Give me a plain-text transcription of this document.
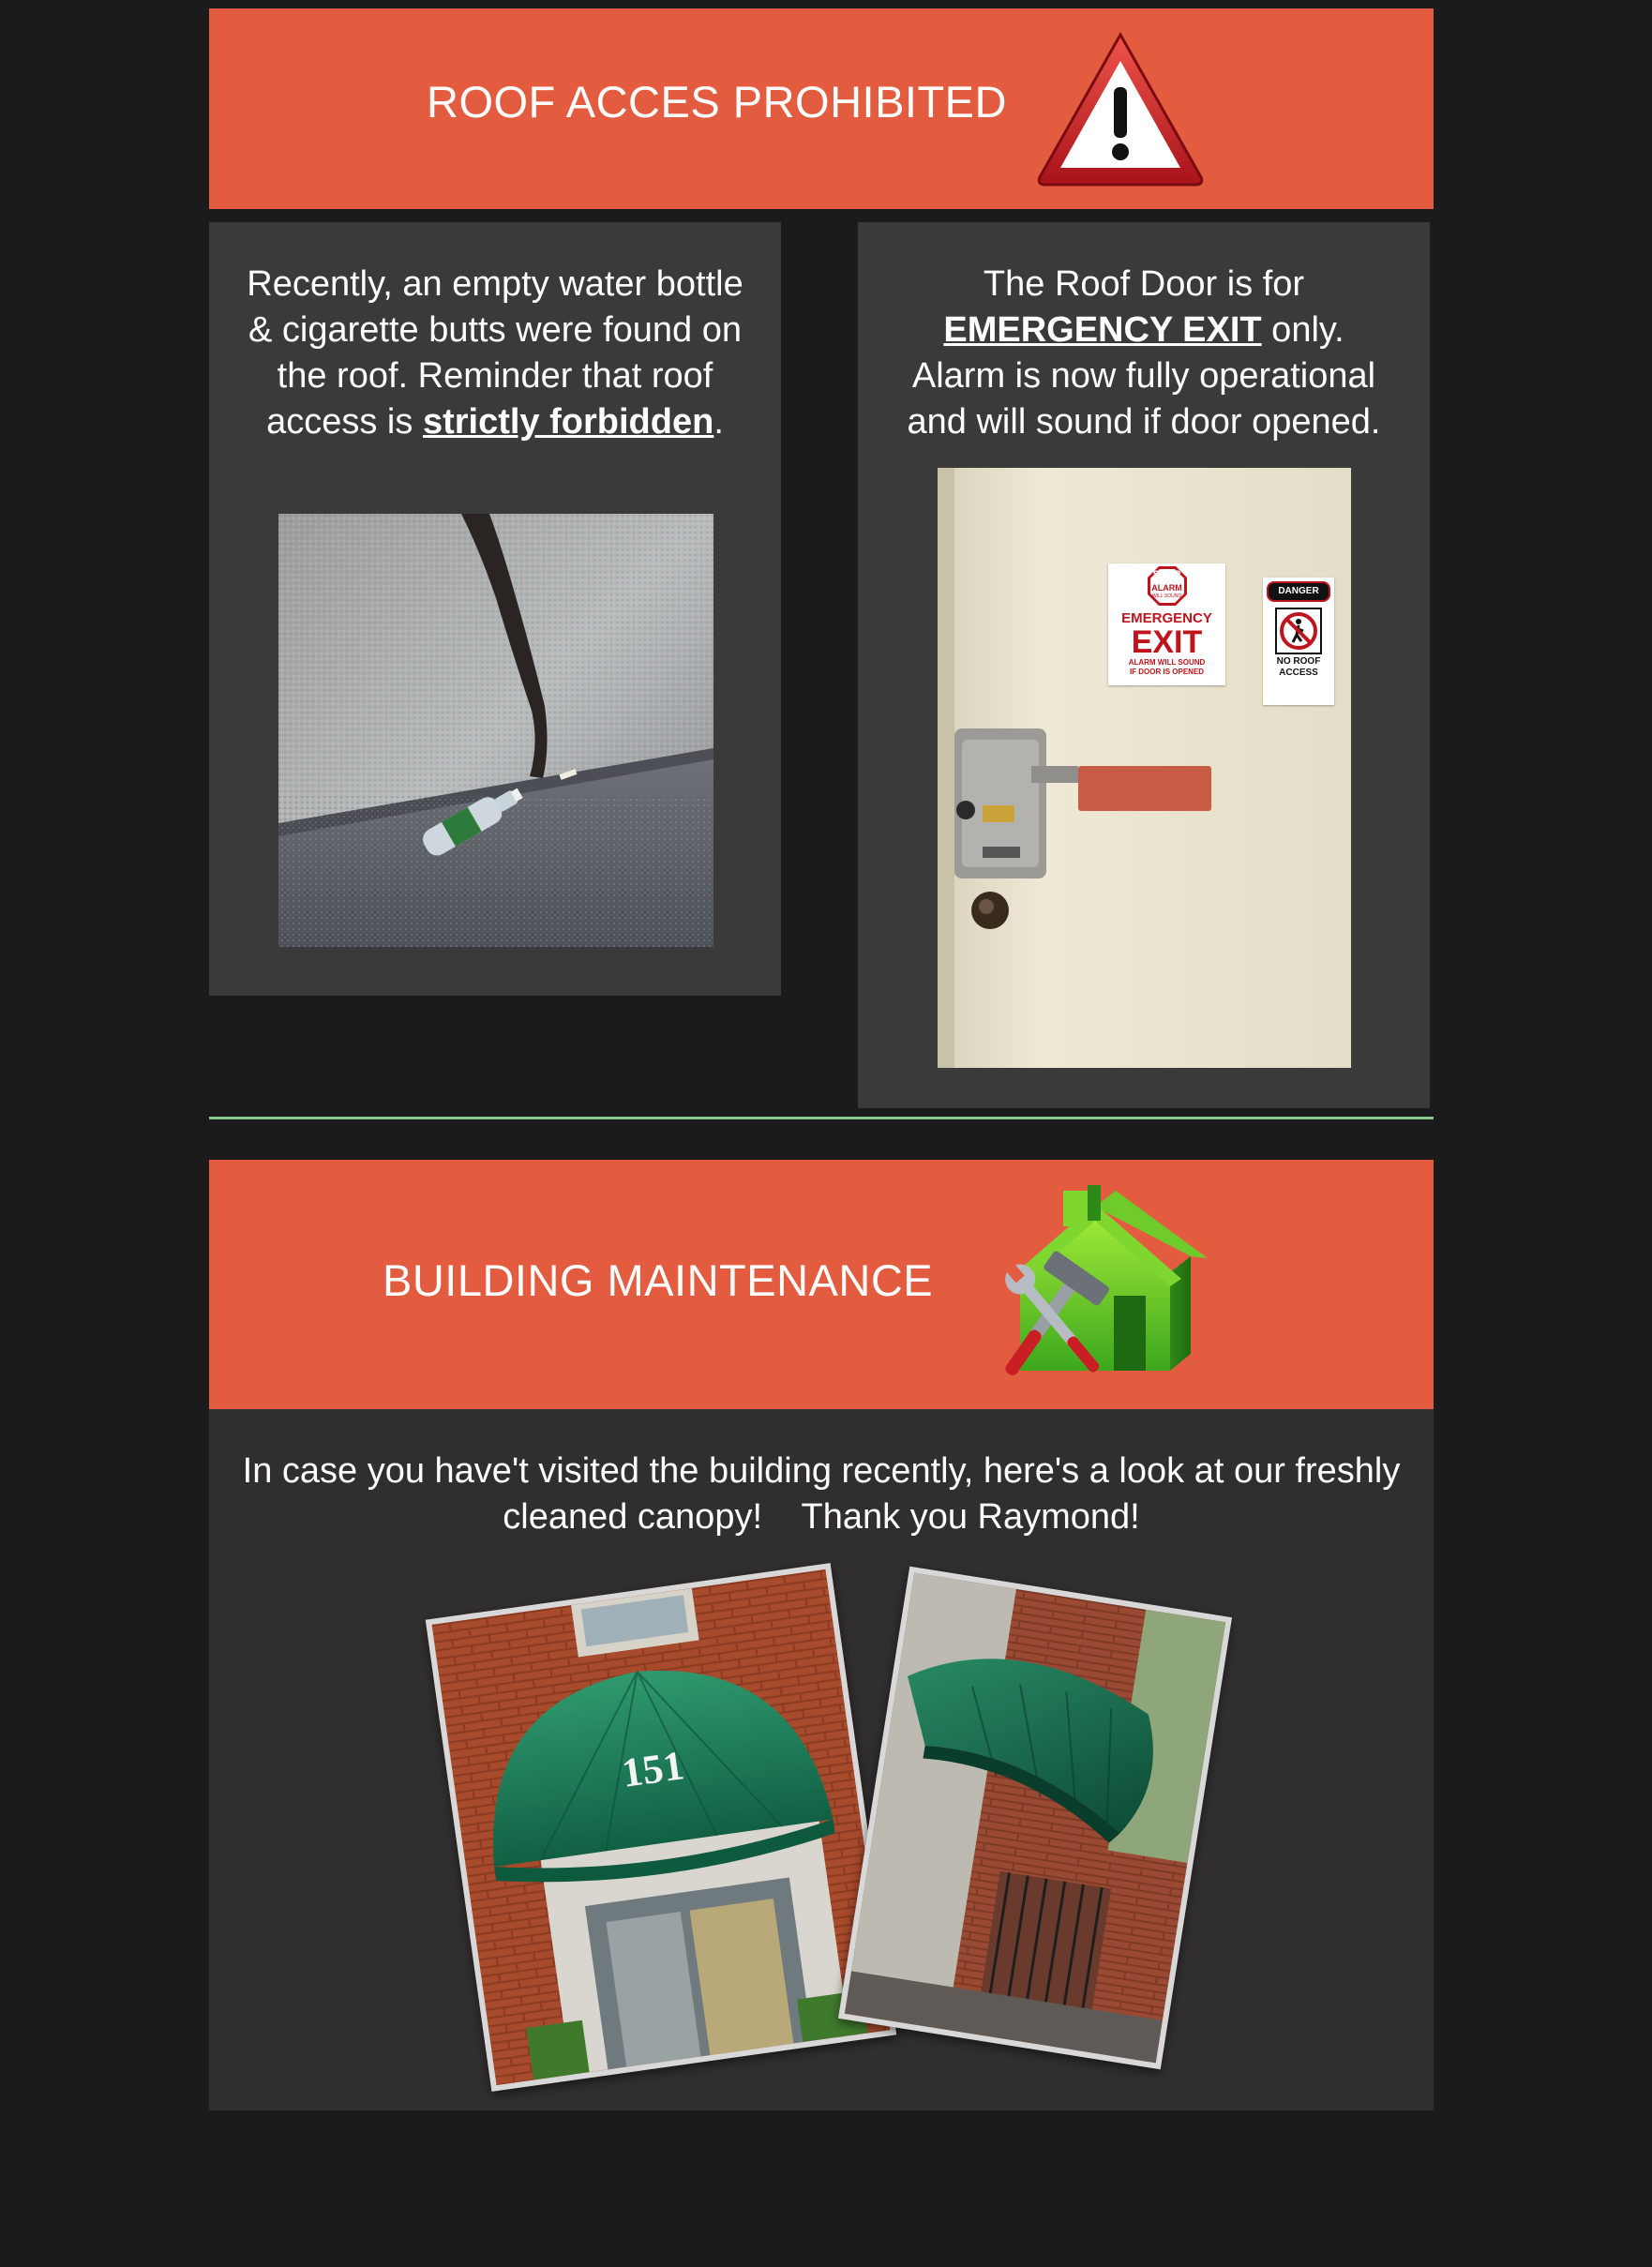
ROOF ACCES PROHIBITED
Recently, an empty water bottle & cigarette butts were found on the roof. Reminder that roof access is strictly forbidden.
The Roof Door is for
EMERGENCY EXIT only.
Alarm is now fully operational and will sound if door opened.
STOP
ALARM
WILL SOUND
EMERGENCY
EXIT
ALARM WILL SOUND
IF DOOR IS OPENED
DANGER
NO ROOF
ACCESS
BUILDING MAINTENANCE
In case you have't visited the building recently, here's a look at our freshly
cleaned canopy!    Thank you Raymond!
151
